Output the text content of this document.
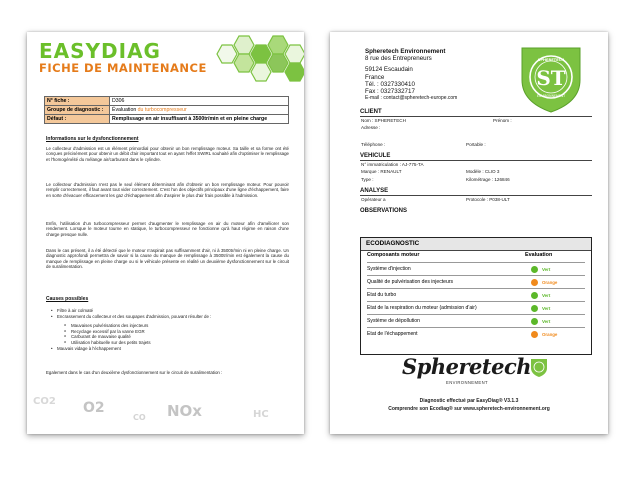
EASYDIAG
FICHE DE MAINTENANCE
N° fiche :	D306
Groupe de diagnostic :	Évaluation du turbocompresseur
Défaut :	Remplissage en air insuffisant à 3500tr/min et en pleine charge
Informations sur le dysfonctionnement
Le collecteur d'admission est un élément primordial pour obtenir un bon remplissage moteur. Sa taille et sa forme ont été conçues précisément pour obtenir un débit d'air important tout en ayant l'effet SWIRL souhaité afin d'optimiser le remplissage et l'homogénéité du mélange air/carburant dans le cylindre.
Le collecteur d'admission n'est pas le seul élément déterminant afin d'obtenir un bon remplissage moteur. Pour pouvoir remplir correctement, il faut avant tout vider correctement. C'est l'un des objectifs principaux d'une ligne d'échappement, faire en sorte d'évacuer efficacement les gaz d'échappement afin d'aspirer le plus d'air frais possible à l'admission.
Enfin, l'utilisation d'un turbocompresseur permet d'augmenter le remplissage en air du moteur afin d'améliorer son rendement. Lorsque le moteur tourne en statique, le turbocompresseur ne fonctionne qu'à haut régime en raison d'une charge presque nulle.
Dans le cas présent, il a été détecté que le moteur n'aspirait pas suffisamment d'air, ni à 3500tr/min ni en pleine charge. Un diagnostic approfondi permettra de savoir si la cause du manque de remplissage à 3500tr/min est également la cause du manque de remplissage en pleine charge ou si le véhicule présente en réalité un deuxième dysfonctionnement sur le circuit de suralimentation.
Causes possibles
• Filtre à air colmaté
• Encrassement du collecteur et des soupapes d'admission, pouvant résulter de :
o Mauvaises pulvérisations des injecteurs
o Recyclage excessif par la vanne EGR
o Carburant de mauvaise qualité
o Utilisation habituelle sur des petits trajets
• Mauvais vidage à l'échappement
Egalement dans le cas d'un deuxième dysfonctionnement sur le circuit de suralimentation :
CO2 O2
CO NOx	HC
Spheretech Environnement
8 rue des Entrepreneurs
59124 Escaudain
France
Tél. : 0327330410
Fax : 0327332717
E-mail : contact@spheretech-europe.com
ST
SPHERETECH
ENVIRONNEMENT
CLIENT
Nom : SPHERETECH	Prénom :
Adresse :
Téléphone :	Portable :
VEHICULE
N° immatriculation : AJ-775-TA
Marque : RENAULT	Modèle : CLIO 3
Type :	Kilométrage : 126846
ANALYSE
Opérateur a	Protocole : P038-ULT
OBSERVATIONS
ECODIAGNOSTIC
Composants moteur	Evaluation
Système d'injection	Vert
Qualité de pulvérisation des injecteurs	Orange
Etat du turbo	Vert
Etat de la respiration du moteur (admission d'air)	Vert
Système de dépollution	Vert
Etat de l'échappement	Orange
Spheretech
ENVIRONNEMENT
Diagnostic effectué par EasyDiag® V3.1.3
Comprendre son Ecodiag® sur www.spheretech-environnement.org
